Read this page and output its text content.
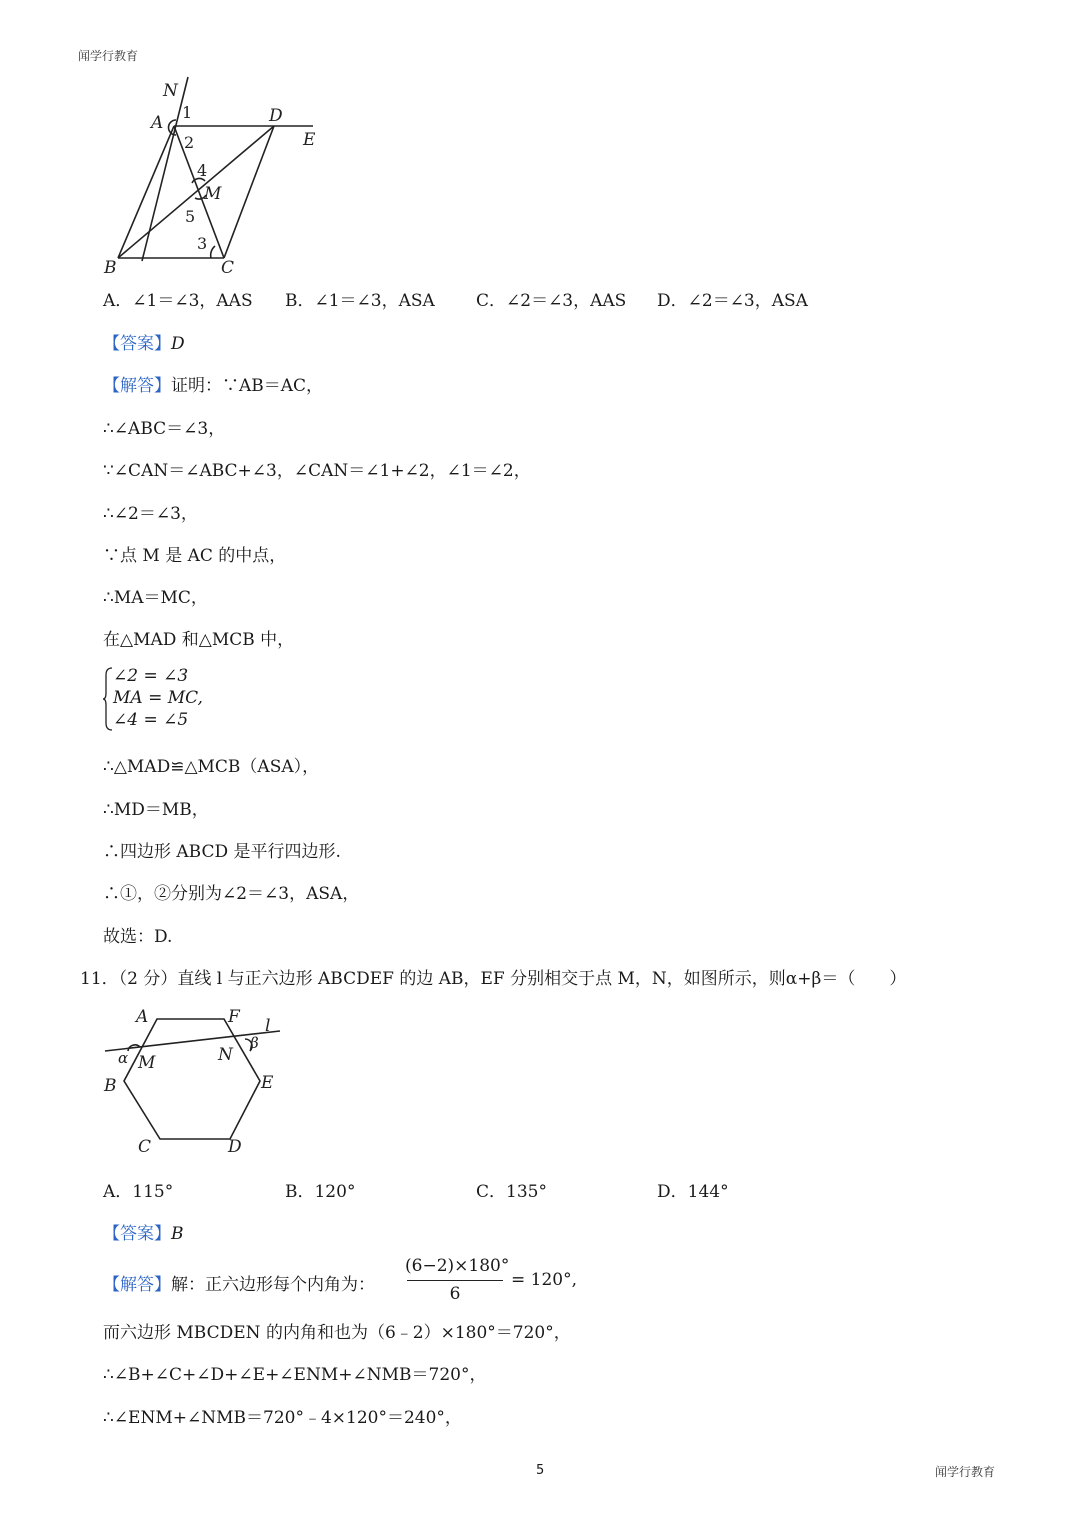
闻学行教育
N
A	D
E
M
B	C
1
2
3
4
5
A．∠1＝∠3，AAS B．∠1＝∠3，ASA C．∠2＝∠3，AAS D．∠2＝∠3，ASA
【答案】D
【解答】证明：∵AB＝AC，
∴∠ABC＝∠3，
∵∠CAN＝∠ABC+∠3，∠CAN＝∠1+∠2，∠1＝∠2，
∴∠2＝∠3，
∵点 M 是 AC 的中点，
∴MA＝MC，
在△MAD 和△MCB 中，
∠2 = ∠3
MA = MC,
∠4 = ∠5
∴△MAD≌△MCB（ASA），
∴MD＝MB，
∴四边形 ABCD 是平行四边形.
∴①，②分别为∠2＝∠3，ASA，
故选：D.
11．（2 分）直线 l 与正六边形 ABCDEF 的边 AB，EF 分别相交于点 M，N，如图所示，则α+β＝（　　）
A	F l
α M	N
β
B	E
C	D
A．115°	B．120°	C．135°	D．144°
【答案】B
【解答】解：正六边形每个内角为：
(6−2)×180°
6
= 120°,
而六边形 MBCDEN 的内角和也为（6﹣2）×180°＝720°，
∴∠B+∠C+∠D+∠E+∠ENM+∠NMB＝720°，
∴∠ENM+∠NMB＝720°﹣4×120°＝240°，
5	闻学行教育
